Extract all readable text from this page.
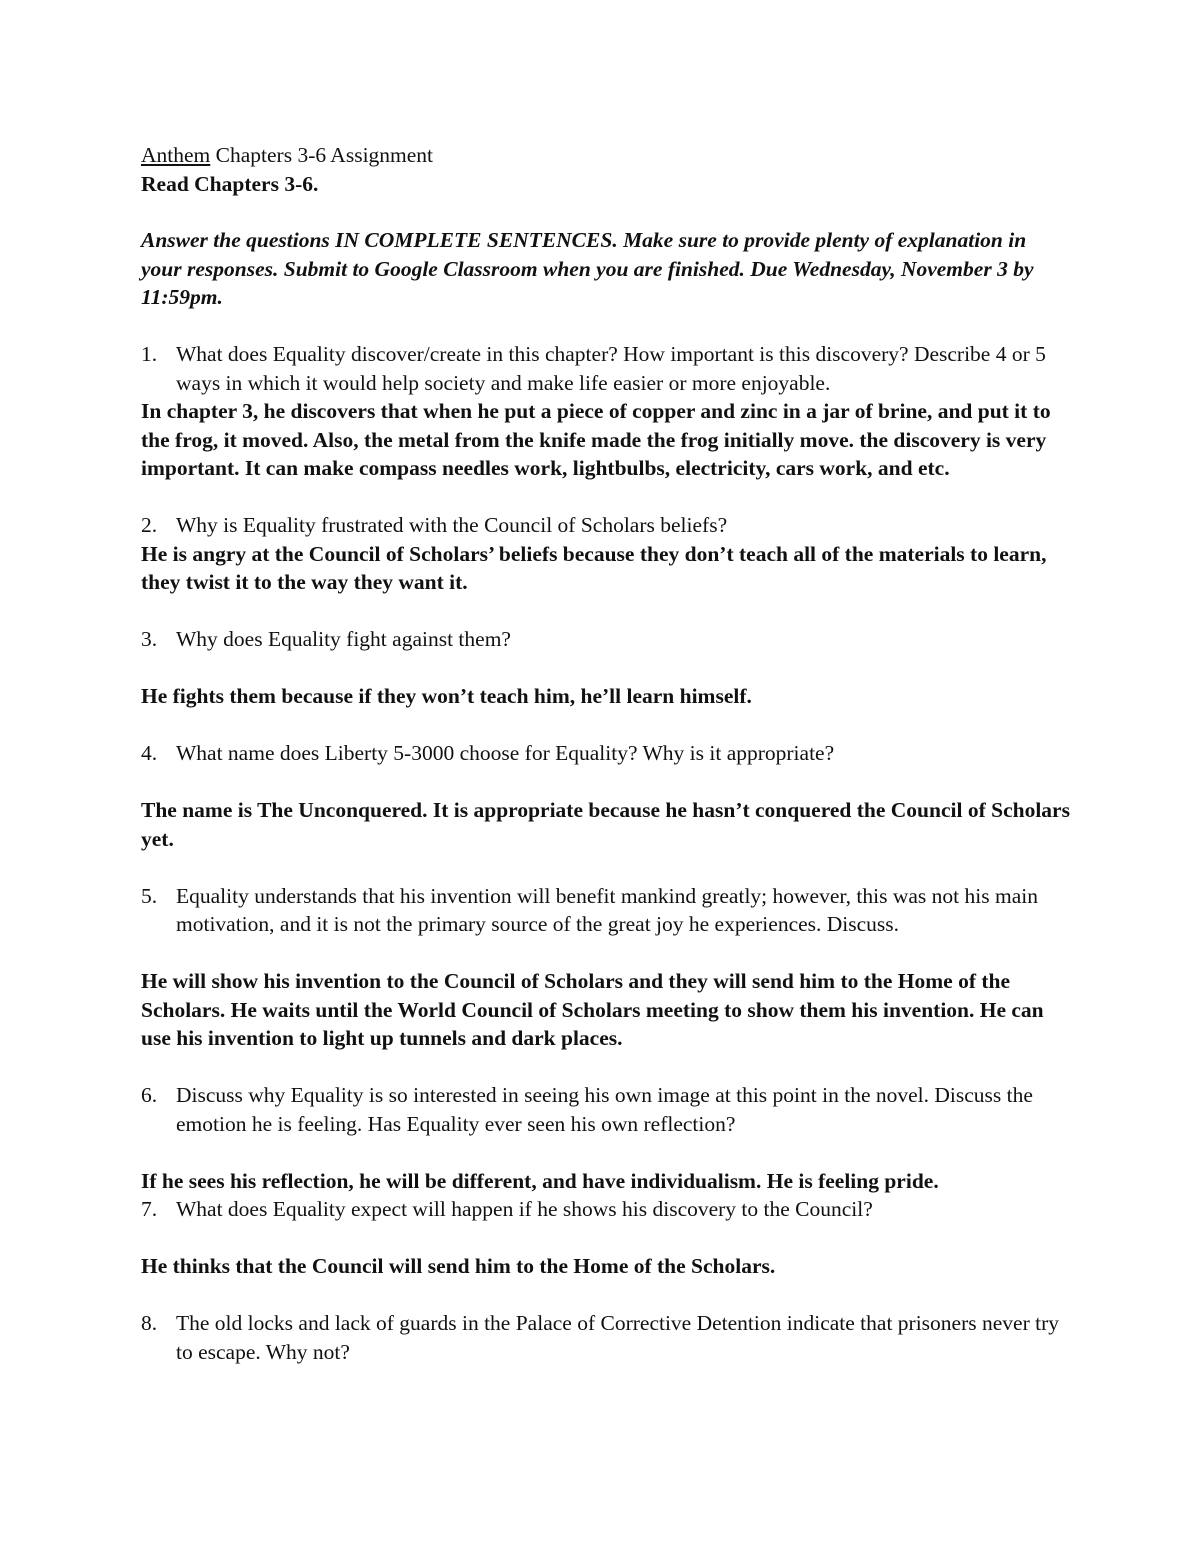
Anthem Chapters 3-6 Assignment

Read Chapters 3-6.

Answer the questions IN COMPLETE SENTENCES. Make sure to provide plenty of explanation in your responses. Submit to Google Classroom when you are finished. Due Wednesday, November 3 by 11:59pm.

1. What does Equality discover/create in this chapter? How important is this discovery? Describe 4 or 5 ways in which it would help society and make life easier or more enjoyable.

In chapter 3, he discovers that when he put a piece of copper and zinc in a jar of brine, and put it to the frog, it moved. Also, the metal from the knife made the frog initially move. the discovery is very important. It can make compass needles work, lightbulbs, electricity, cars work, and etc.

2. Why is Equality frustrated with the Council of Scholars beliefs?

He is angry at the Council of Scholars’ beliefs because they don’t teach all of the materials to learn, they twist it to the way they want it.

3. Why does Equality fight against them?

He fights them because if they won’t teach him, he’ll learn himself.

4. What name does Liberty 5-3000 choose for Equality? Why is it appropriate?

The name is The Unconquered. It is appropriate because he hasn’t conquered the Council of Scholars yet.

5. Equality understands that his invention will benefit mankind greatly; however, this was not his main motivation, and it is not the primary source of the great joy he experiences. Discuss.

He will show his invention to the Council of Scholars and they will send him to the Home of the Scholars. He waits until the World Council of Scholars meeting to show them his invention. He can use his invention to light up tunnels and dark places.

6. Discuss why Equality is so interested in seeing his own image at this point in the novel. Discuss the emotion he is feeling. Has Equality ever seen his own reflection?

If he sees his reflection, he will be different, and have individualism. He is feeling pride.

7. What does Equality expect will happen if he shows his discovery to the Council?

He thinks that the Council will send him to the Home of the Scholars.

8. The old locks and lack of guards in the Palace of Corrective Detention indicate that prisoners never try to escape. Why not?
